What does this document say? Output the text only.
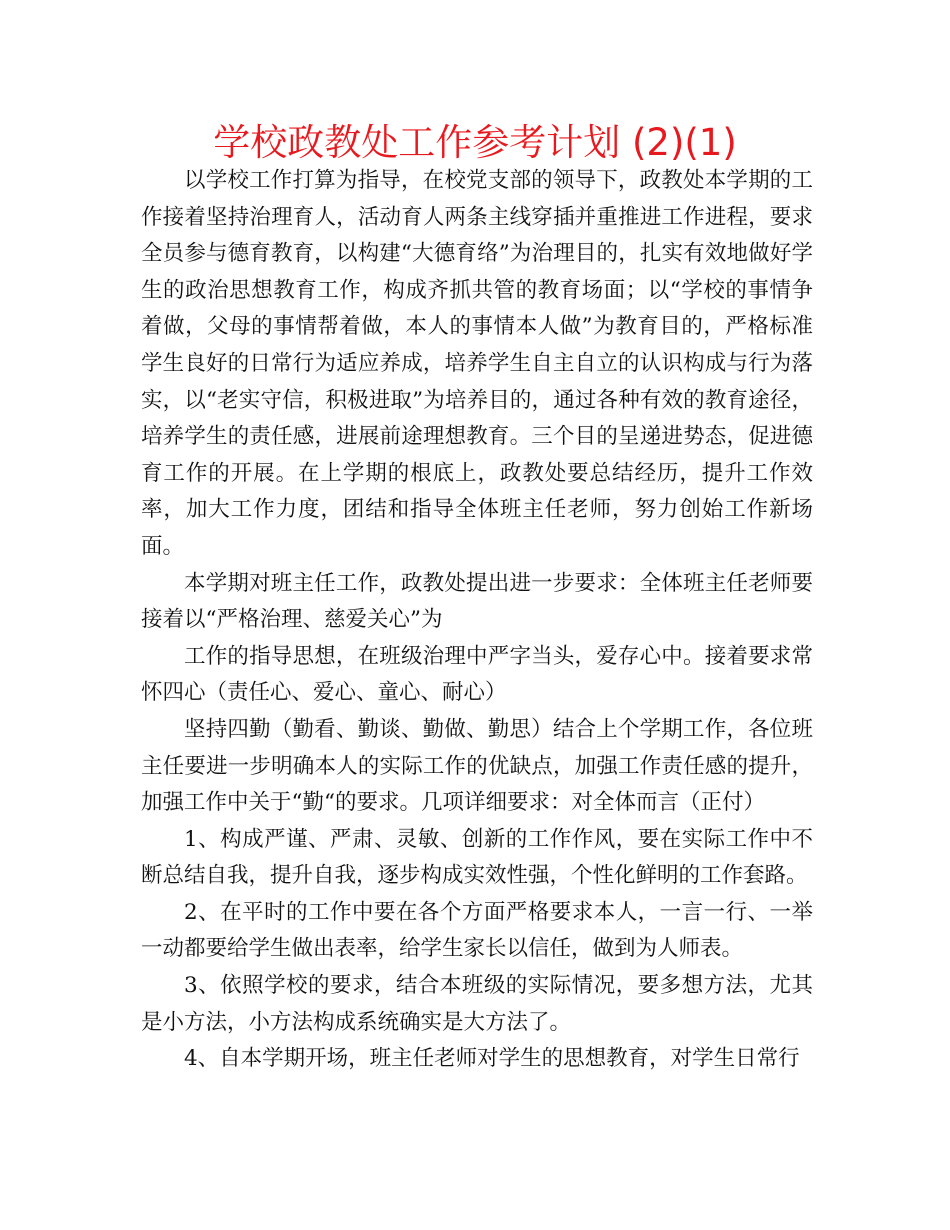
学校政教处工作参考计划 (2)(1)

以学校工作打算为指导，在校党支部的领导下，政教处本学期的工作接着坚持治理育人，活动育人两条主线穿插并重推进工作进程，要求全员参与德育教育，以构建“大德育络”为治理目的，扎实有效地做好学生的政治思想教育工作，构成齐抓共管的教育场面；以“学校的事情争着做，父母的事情帮着做，本人的事情本人做”为教育目的，严格标准学生良好的日常行为适应养成，培养学生自主自立的认识构成与行为落实，以“老实守信，积极进取”为培养目的，通过各种有效的教育途径，培养学生的责任感，进展前途理想教育。三个目的呈递进势态，促进德育工作的开展。在上学期的根底上，政教处要总结经历，提升工作效率，加大工作力度，团结和指导全体班主任老师，努力创始工作新场面。

本学期对班主任工作，政教处提出进一步要求：全体班主任老师要接着以“严格治理、慈爱关心”为

工作的指导思想，在班级治理中严字当头，爱存心中。接着要求常怀四心（责任心、爱心、童心、耐心）

坚持四勤（勤看、勤谈、勤做、勤思）结合上个学期工作，各位班主任要进一步明确本人的实际工作的优缺点，加强工作责任感的提升，加强工作中关于“勤“的要求。几项详细要求：对全体而言（正付）

1、构成严谨、严肃、灵敏、创新的工作作风，要在实际工作中不断总结自我，提升自我，逐步构成实效性强，个性化鲜明的工作套路。

2、在平时的工作中要在各个方面严格要求本人，一言一行、一举一动都要给学生做出表率，给学生家长以信任，做到为人师表。

3、依照学校的要求，结合本班级的实际情况，要多想方法，尤其是小方法，小方法构成系统确实是大方法了。

4、自本学期开场，班主任老师对学生的思想教育，对学生日常行
